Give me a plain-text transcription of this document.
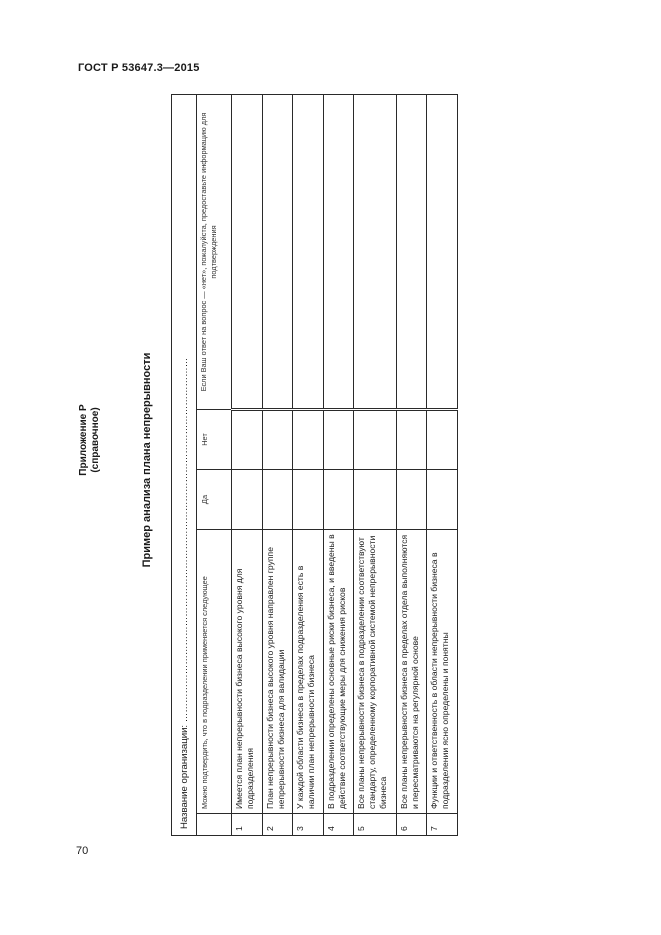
ГОСТ Р 53647.3—2015
Приложение Р (справочное)	Пример анализа плана непрерывности	Название организации: ……………………………………………………………………………………………………				
	Можно подтвердить, что в подразделении применяется следующее	Да	Нет	Если Ваш ответ на вопрос — «нет», пожалуйста, предоставьте информацию для подтверждения
1	Имеется план непрерывности бизнеса высокого уровня для подразделения			
2	План непрерывности бизнеса высокого уровня направлен группе непрерывности бизнеса для валидации			
3	У каждой области бизнеса в пределах подразделения есть в наличии план непрерывности бизнеса			
4	В подразделении определены основные риски бизнеса, и введены в действие соответствующие меры для снижения рисков			
5	Все планы непрерывности бизнеса в подразделении соответствуют стандарту, определенному корпоративной системой непрерывности бизнеса			
6	Все планы непрерывности бизнеса в пределах отдела выполняются и пересматриваются на регулярной основе			
7	Функции и ответственность в области непрерывности бизнеса в подразделении ясно определены и понятны			
70
